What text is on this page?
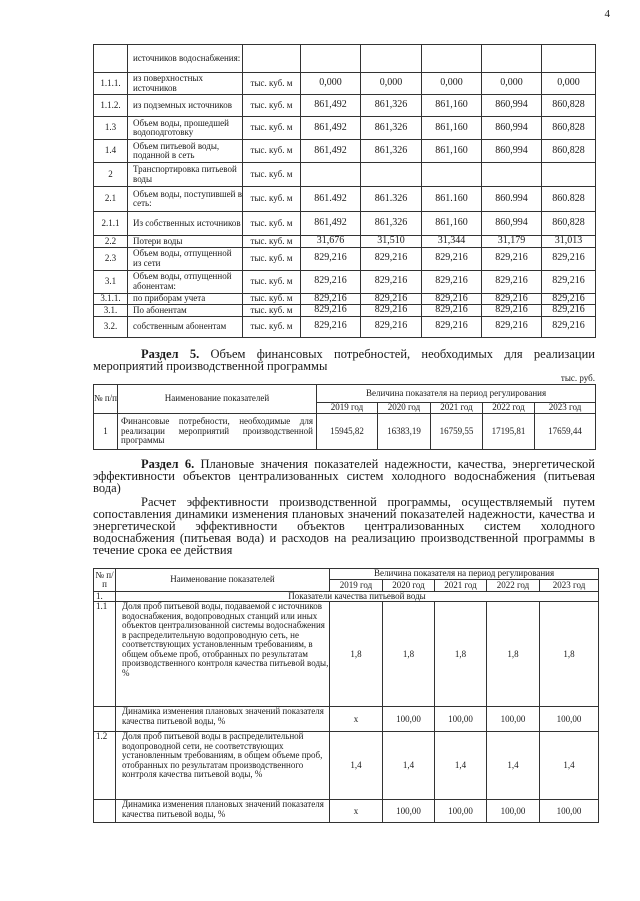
4
	источников водоснабжения:						
1.1.1.	из поверхностных источников	тыс. куб. м	0,000	0,000	0,000	0,000	0,000
1.1.2.	из подземных источников	тыс. куб. м	861,492	861,326	861,160	860,994	860,828
1.3	Объем воды, прошедшей водоподготовку	тыс. куб. м	861,492	861,326	861,160	860,994	860,828
1.4	Объем питьевой воды, поданной в сеть	тыс. куб. м	861,492	861,326	861,160	860,994	860,828
2	Транспортировка питьевой воды	тыс. куб. м					
2.1	Объем воды, поступившей в сеть:	тыс. куб. м	861.492	861.326	861.160	860.994	860.828
2.1.1	Из собственных источников	тыс. куб. м	861,492	861,326	861,160	860,994	860,828
2.2	Потери воды	тыс. куб. м	31,676	31,510	31,344	31,179	31,013
2.3	Объем воды, отпущенной из сети	тыс. куб. м	829,216	829,216	829,216	829,216	829,216
3.1	Объем воды, отпущенной абонентам:	тыс. куб. м	829,216	829,216	829,216	829,216	829,216
3.1.1.	по приборам учета	тыс. куб. м	829,216	829,216	829,216	829,216	829,216
3.1.	По абонентам	тыс. куб. м	829,216	829,216	829,216	829,216	829,216
3.2.	собственным абонентам	тыс. куб. м	829,216	829,216	829,216	829,216	829,216
Раздел 5. Объем финансовых потребностей, необходимых для реализации мероприятий производственной программы
тыс. руб.
№ п/п	Наименование показателей	Величина показателя на период регулирования				
		2019 год	2020 год	2021 год	2022 год	2023 год
1	Финансовые потребности, необходимые для реализации мероприятий производственной программы	15945,82	16383,19	16759,55	17195,81	17659,44
Раздел 6. Плановые значения показателей надежности, качества, энергетической эффективности объектов централизованных систем холодного водоснабжения (питьевая вода)
Расчет эффективности производственной программы, осуществляемый путем сопоставления динамики изменения плановых значений показателей надежности, качества и энергетической эффективности объектов централизованных систем холодного водоснабжения (питьевая вода) и расходов на реализацию производственной программы в течение срока ее действия
№ п/п	Наименование показателей	Величина показателя на период регулирования				
		2019 год	2020 год	2021 год	2022 год	2023 год
1.	Показатели качества питьевой воды					
1.1	Доля проб питьевой воды, подаваемой с источников водоснабжения, водопроводных станций или иных объектов централизованной системы водоснабжения в распределительную водопроводную сеть, не соответствующих установленным требованиям, в общем объеме проб, отобранных по результатам производственного контроля качества питьевой воды, %	1,8	1,8	1,8	1,8	1,8
	Динамика изменения плановых значений показателя качества питьевой воды, %	x	100,00	100,00	100,00	100,00
1.2	Доля проб питьевой воды в распределительной водопроводной сети, не соответствующих установленным требованиям, в общем объеме проб, отобранных по результатам производственного контроля качества питьевой воды, %	1,4	1,4	1,4	1,4	1,4
	Динамика изменения плановых значений показателя качества питьевой воды, %	x	100,00	100,00	100,00	100,00
